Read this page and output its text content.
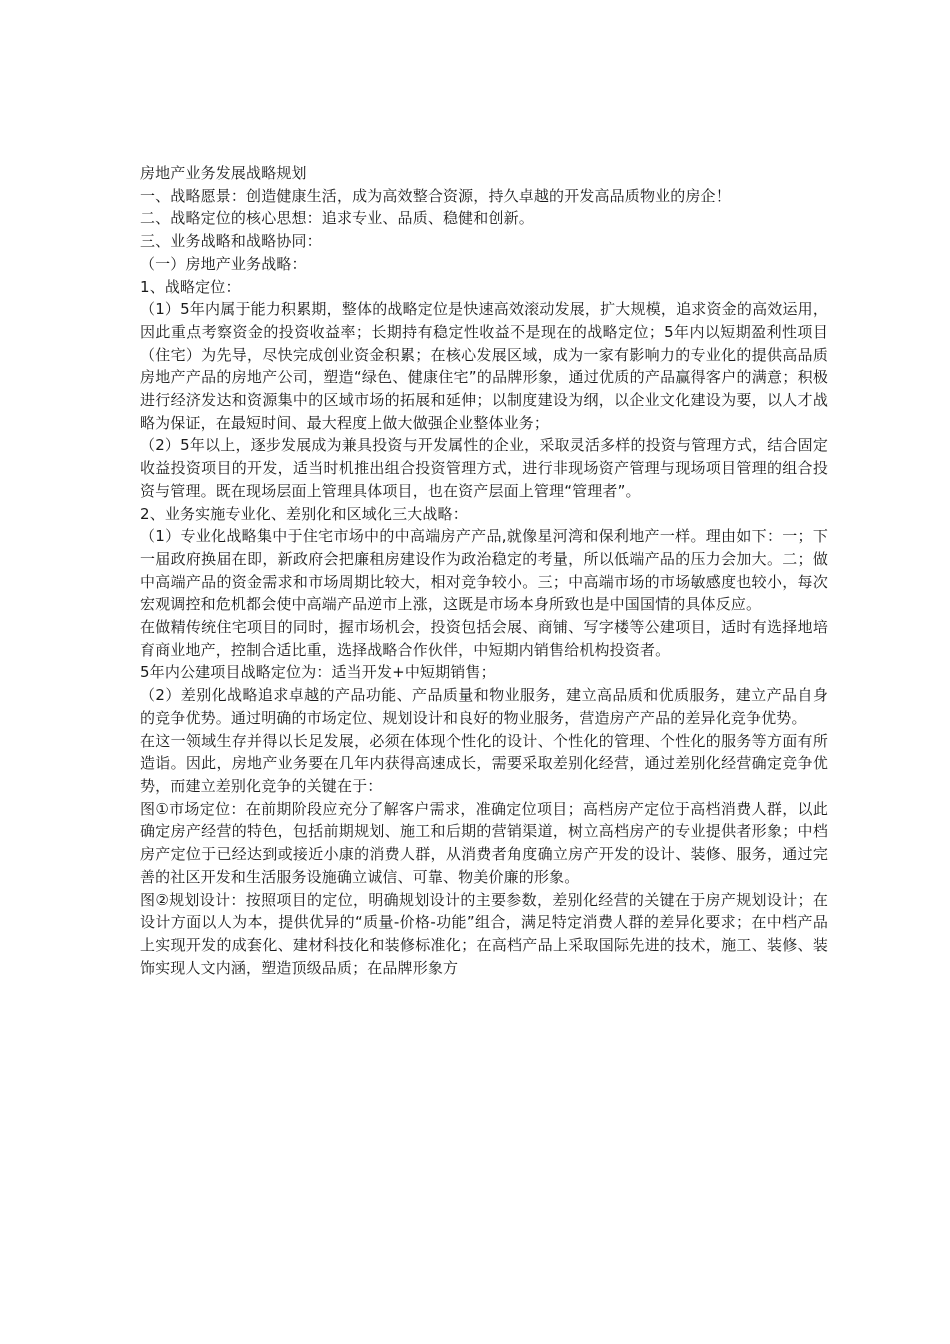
房地产业务发展战略规划

一、战略愿景：创造健康生活，成为高效整合资源，持久卓越的开发高品质物业的房企！

二、战略定位的核心思想：追求专业、品质、稳健和创新。

三、业务战略和战略协同：

（一）房地产业务战略：

1、战略定位：

（1）5年内属于能力积累期，整体的战略定位是快速高效滚动发展，扩大规模，追求资金的高效运用，因此重点考察资金的投资收益率；长期持有稳定性收益不是现在的战略定位；5年内以短期盈利性项目（住宅）为先导，尽快完成创业资金积累；在核心发展区域，成为一家有影响力的专业化的提供高品质房地产产品的房地产公司，塑造“绿色、健康住宅”的品牌形象，通过优质的产品赢得客户的满意；积极进行经济发达和资源集中的区域市场的拓展和延伸；以制度建设为纲，以企业文化建设为要，以人才战略为保证，在最短时间、最大程度上做大做强企业整体业务；

（2）5年以上，逐步发展成为兼具投资与开发属性的企业，采取灵活多样的投资与管理方式，结合固定收益投资项目的开发，适当时机推出组合投资管理方式，进行非现场资产管理与现场项目管理的组合投资与管理。既在现场层面上管理具体项目，也在资产层面上管理“管理者”。

2、业务实施专业化、差别化和区域化三大战略：

（1）专业化战略集中于住宅市场中的中高端房产产品,就像星河湾和保利地产一样。理由如下：一；下一届政府换届在即，新政府会把廉租房建设作为政治稳定的考量，所以低端产品的压力会加大。二；做中高端产品的资金需求和市场周期比较大，相对竞争较小。三；中高端市场的市场敏感度也较小，每次宏观调控和危机都会使中高端产品逆市上涨，这既是市场本身所致也是中国国情的具体反应。

在做精传统住宅项目的同时，握市场机会，投资包括会展、商铺、写字楼等公建项目，适时有选择地培育商业地产，控制合适比重，选择战略合作伙伴，中短期内销售给机构投资者。

5年内公建项目战略定位为：适当开发+中短期销售；

（2）差别化战略追求卓越的产品功能、产品质量和物业服务，建立高品质和优质服务，建立产品自身的竞争优势。通过明确的市场定位、规划设计和良好的物业服务，营造房产产品的差异化竞争优势。

在这一领域生存并得以长足发展，必须在体现个性化的设计、个性化的管理、个性化的服务等方面有所造诣。因此，房地产业务要在几年内获得高速成长，需要采取差别化经营，通过差别化经营确定竞争优势，而建立差别化竞争的关键在于：

图①市场定位：在前期阶段应充分了解客户需求，准确定位项目；高档房产定位于高档消费人群，以此确定房产经营的特色，包括前期规划、施工和后期的营销渠道，树立高档房产的专业提供者形象；中档房产定位于已经达到或接近小康的消费人群，从消费者角度确立房产开发的设计、装修、服务，通过完善的社区开发和生活服务设施确立诚信、可靠、物美价廉的形象。

图②规划设计：按照项目的定位，明确规划设计的主要参数，差别化经营的关键在于房产规划设计；在设计方面以人为本，提供优异的“质量-价格-功能”组合，满足特定消费人群的差异化要求；在中档产品上实现开发的成套化、建材科技化和装修标准化；在高档产品上采取国际先进的技术，施工、装修、装饰实现人文内涵，塑造顶级品质；在品牌形象方
